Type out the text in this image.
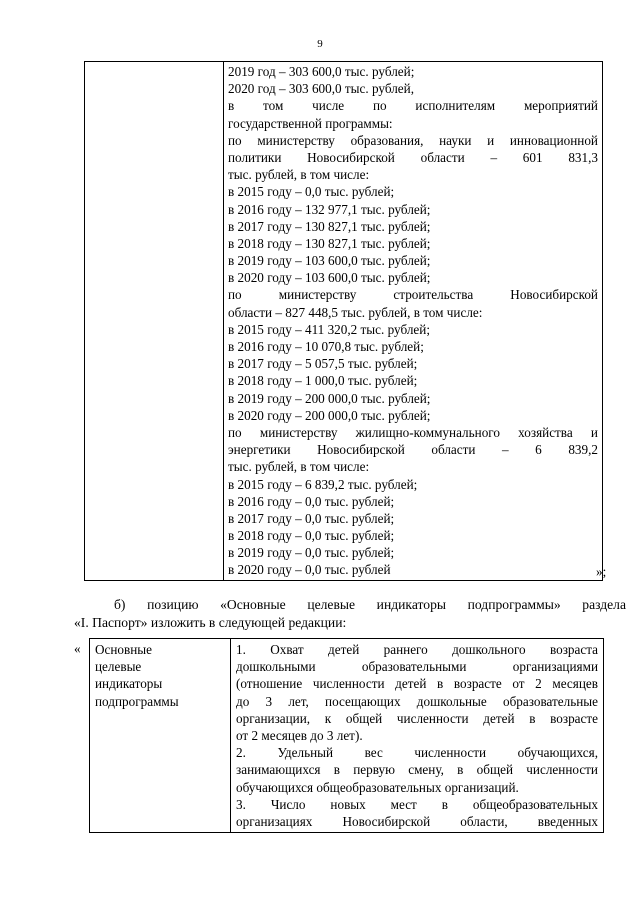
9

2019 год – 303 600,0 тыс. рублей;
2020 год – 303 600,0 тыс. рублей,
в том числе по исполнителям мероприятий
государственной программы:
по министерству образования, науки и инновационной
политики Новосибирской области – 601 831,3
тыс. рублей, в том числе:
в 2015 году – 0,0 тыс. рублей;
в 2016 году – 132 977,1 тыс. рублей;
в 2017 году – 130 827,1 тыс. рублей;
в 2018 году – 130 827,1 тыс. рублей;
в 2019 году – 103 600,0 тыс. рублей;
в 2020 году – 103 600,0 тыс. рублей;
по министерству строительства Новосибирской
области – 827 448,5 тыс. рублей, в том числе:
в 2015 году – 411 320,2 тыс. рублей;
в 2016 году – 10 070,8 тыс. рублей;
в 2017 году – 5 057,5 тыс. рублей;
в 2018 году – 1 000,0 тыс. рублей;
в 2019 году – 200 000,0 тыс. рублей;
в 2020 году – 200 000,0 тыс. рублей;
по министерству жилищно-коммунального хозяйства и
энергетики Новосибирской области – 6 839,2
тыс. рублей, в том числе:
в 2015 году – 6 839,2 тыс. рублей;
в 2016 году – 0,0 тыс. рублей;
в 2017 году – 0,0 тыс. рублей;
в 2018 году – 0,0 тыс. рублей;
в 2019 году – 0,0 тыс. рублей;
в 2020 году – 0,0 тыс. рублей	»;
б) позицию «Основные целевые индикаторы подпрограммы» раздела
«I. Паспорт» изложить в следующей редакции:
« Основные
целевые
индикаторы
подпрограммы

1. Охват детей раннего дошкольного возраста
дошкольными образовательными организациями
(отношение численности детей в возрасте от 2 месяцев
до 3 лет, посещающих дошкольные образовательные
организации, к общей численности детей в возрасте
от 2 месяцев до 3 лет).
2. Удельный вес численности обучающихся,
занимающихся в первую смену, в общей численности
обучающихся общеобразовательных организаций.
3. Число новых мест в общеобразовательных
организациях Новосибирской области, введенных
